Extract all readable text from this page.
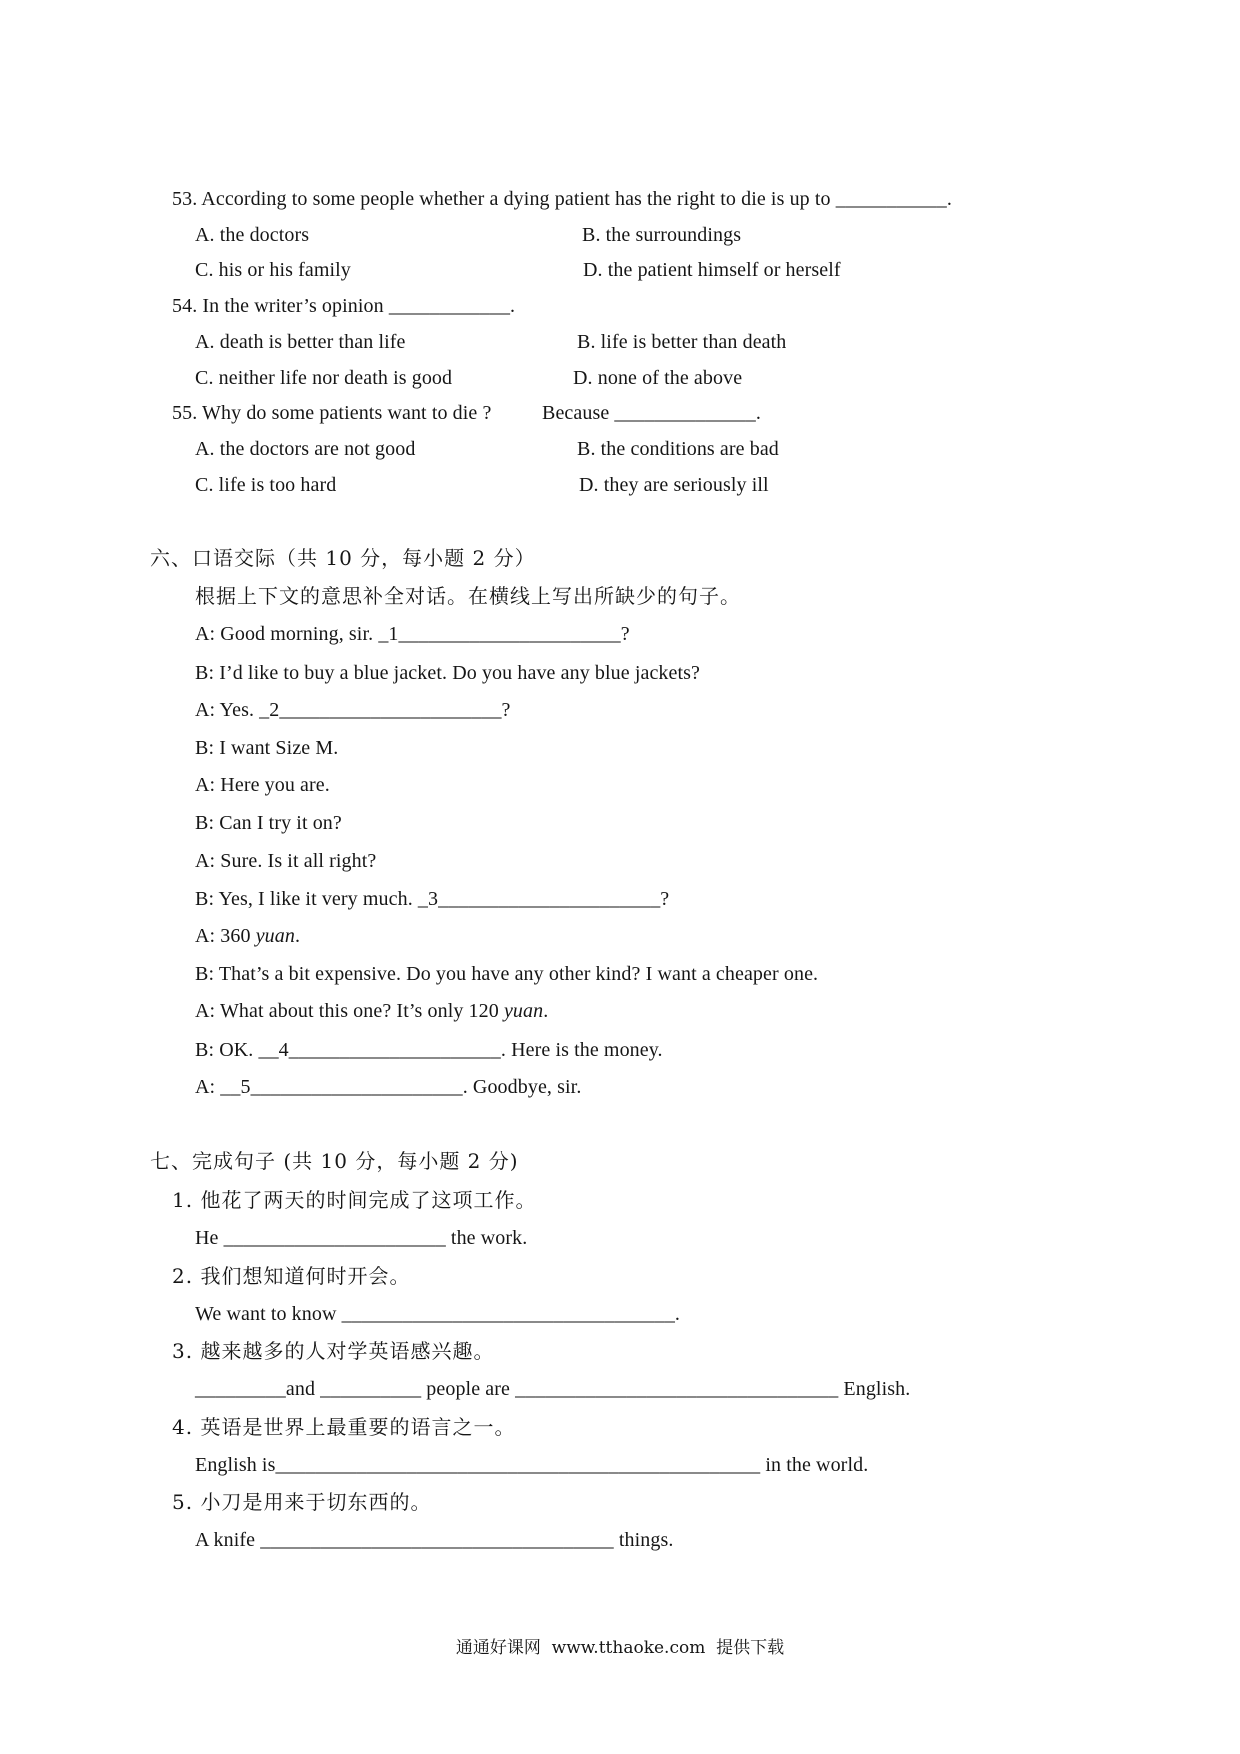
53. According to some people whether a dying patient has the right to die is up to ___________.
A. the doctors	B. the surroundings
C. his or his family	D. the patient himself or herself
54. In the writer’s opinion ____________.
A. death is better than life	B. life is better than death
C. neither life nor death is good	D. none of the above
55. Why do some patients want to die ?	Because ______________.
A. the doctors are not good	B. the conditions are bad
C. life is too hard	D. they are seriously ill
六、口语交际（共 10 分，每小题 2 分）
根据上下文的意思补全对话。在横线上写出所缺少的句子。
A: Good morning, sir. _1______________________?
B: I’d like to buy a blue jacket. Do you have any blue jackets?
A: Yes. _2______________________?
B: I want Size M.
A: Here you are.
B: Can I try it on?
A: Sure. Is it all right?
B: Yes, I like it very much. _3______________________?
A: 360 yuan.
B: That’s a bit expensive. Do you have any other kind? I want a cheaper one.
A: What about this one? It’s only 120 yuan.
B: OK. __4_____________________. Here is the money.
A: __5_____________________. Goodbye, sir.
七、完成句子 (共 10 分，每小题 2 分)
1. 他花了两天的时间完成了这项工作。
He ______________________ the work.
2. 我们想知道何时开会。
We want to know _________________________________.
3. 越来越多的人对学英语感兴趣。
_________and __________ people are ________________________________ English.
4. 英语是世界上最重要的语言之一。
English is________________________________________________ in the world.
5. 小刀是用来于切东西的。
A knife ___________________________________ things.
通通好课网  www.tthaoke.com  提供下载
